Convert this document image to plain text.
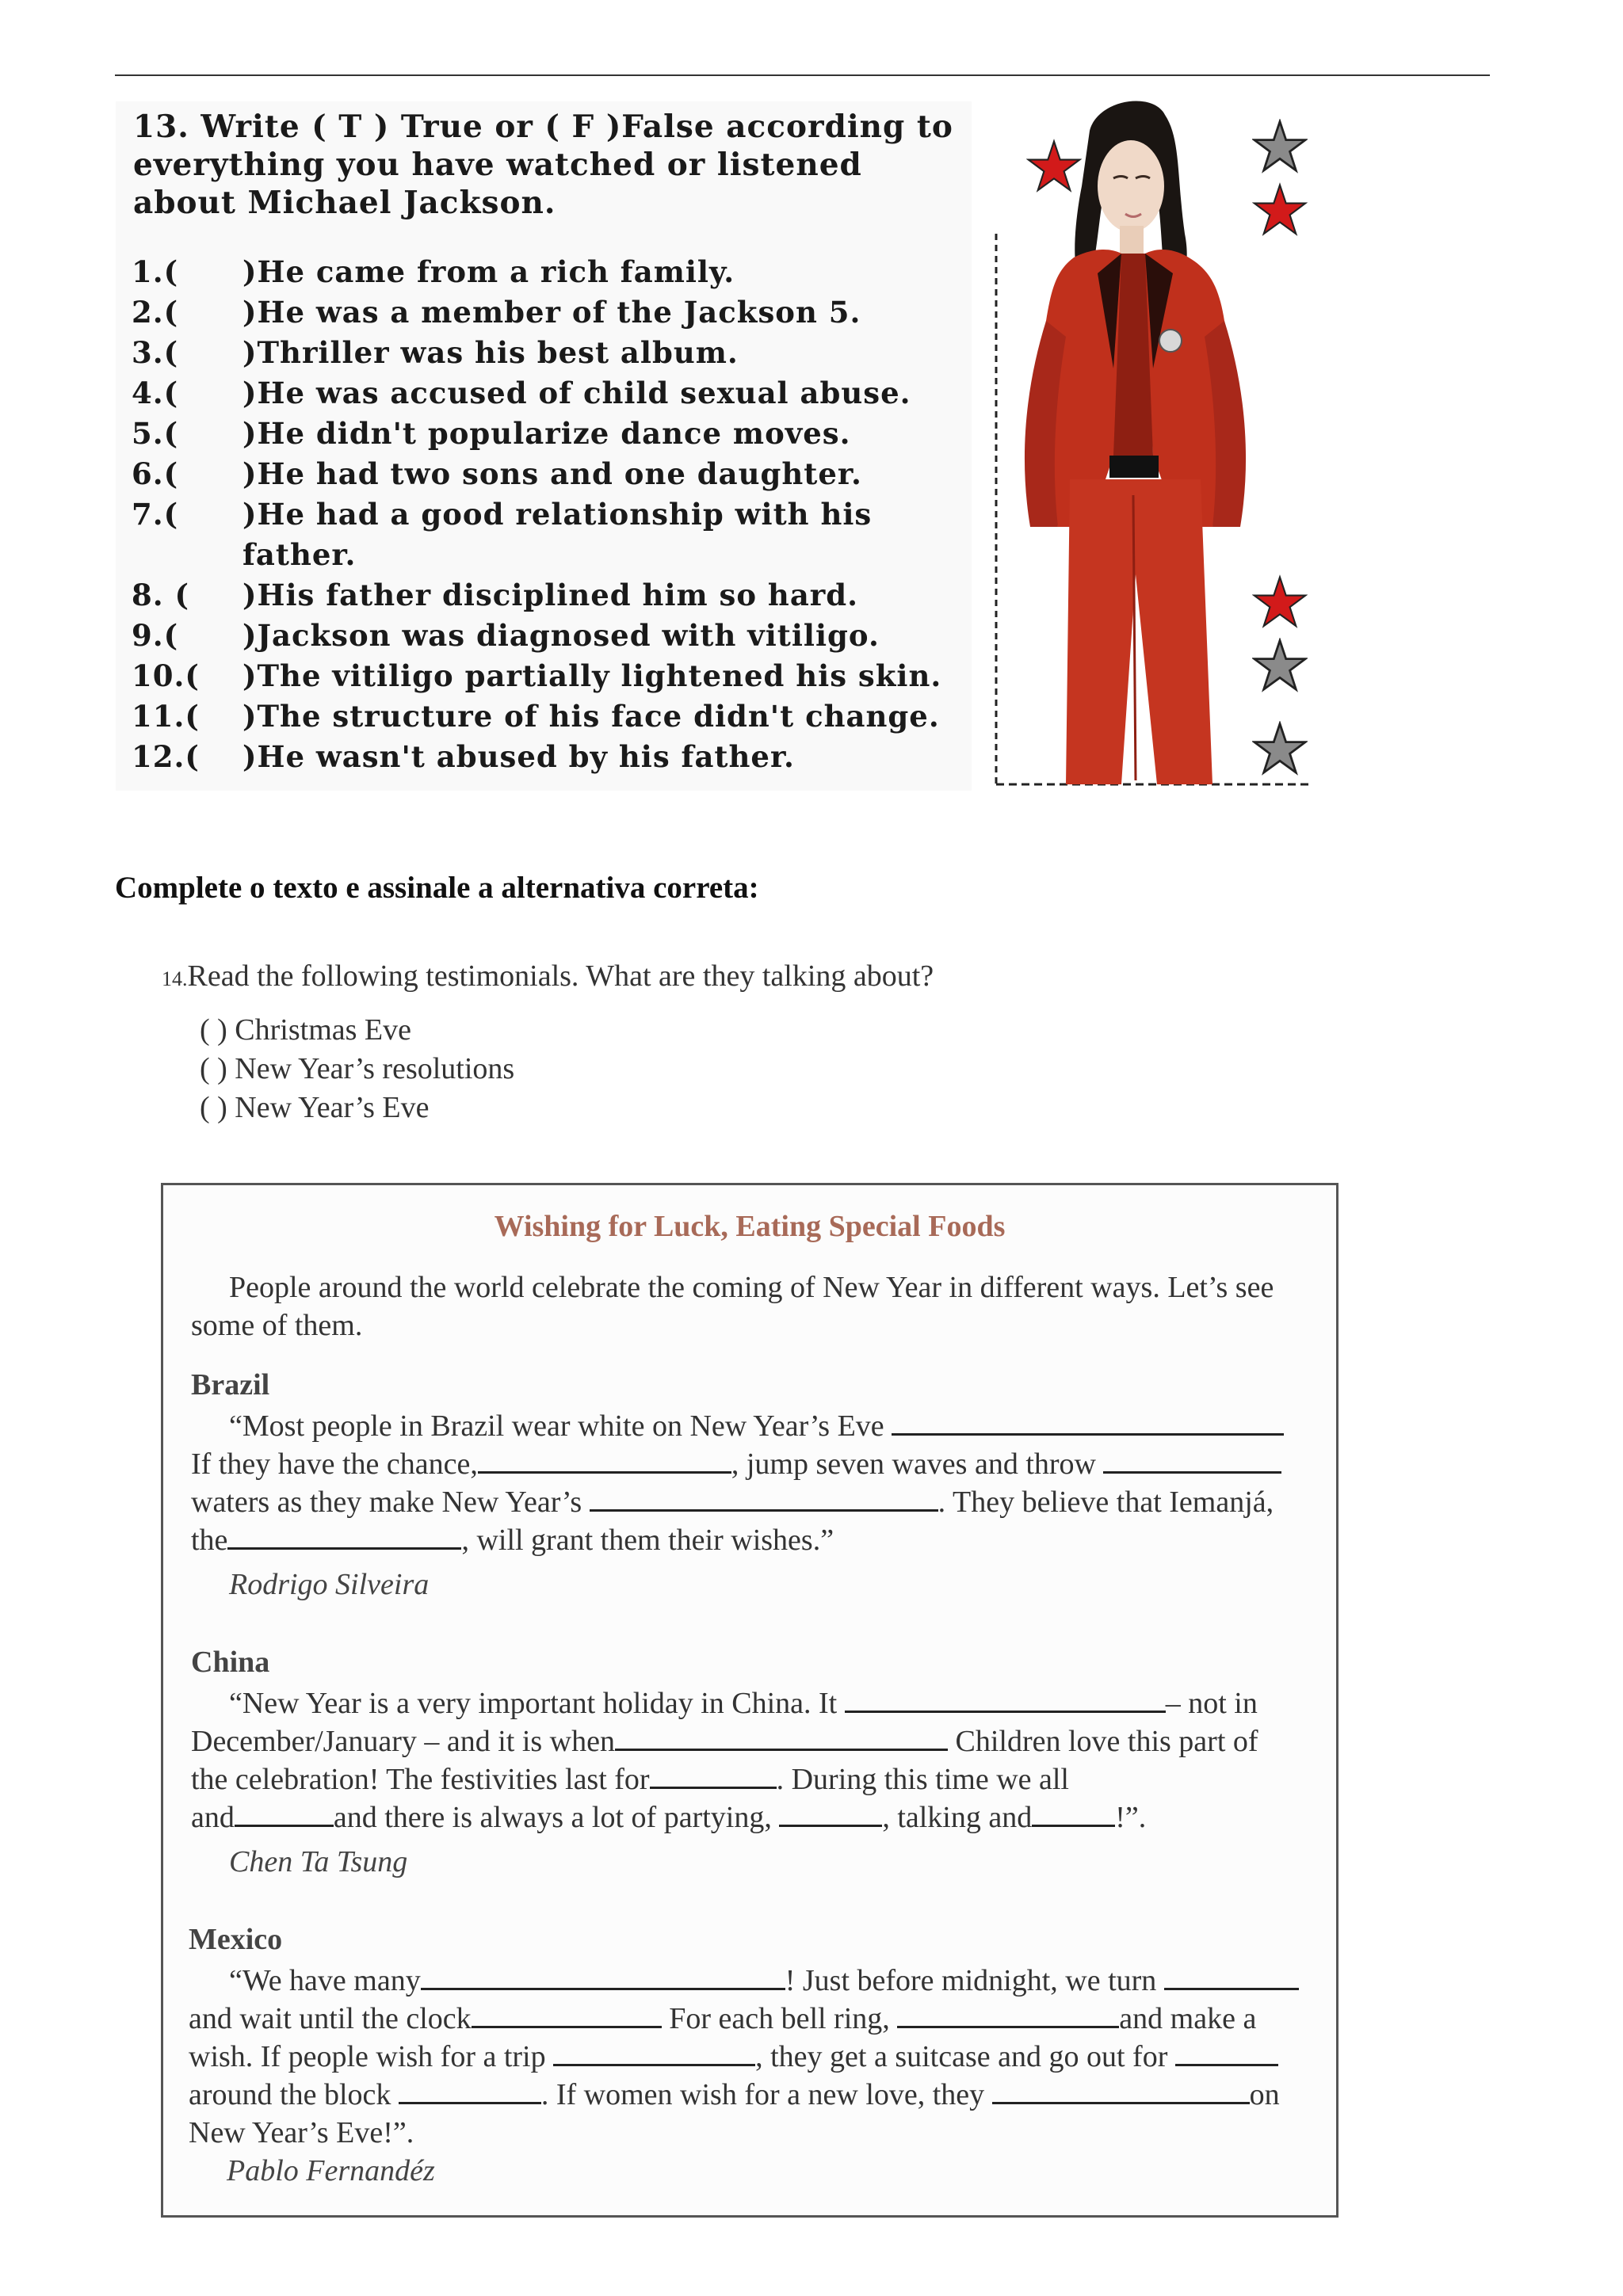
13. Write ( T ) True or ( F )False according to
everything you have watched or listened
about Michael Jackson.
1.(	)He came from a rich family.
2.(	)He was a member of the Jackson 5.
3.(	)Thriller was his best album.
4.(	)He was accused of child sexual abuse.
5.(	)He didn't popularize dance moves.
6.(	)He had two sons and one daughter.
7.(	)He had a good relationship with his
father.
8. (	)His father disciplined him so hard.
9.(	)Jackson was diagnosed with vitiligo.
10.(	)The vitiligo partially lightened his skin.
11.(	)The structure of his face didn't change.
12.(	)He wasn't abused by his father.
Complete o texto e assinale a alternativa correta:
14.Read the following testimonials. What are they talking about?
( ) Christmas Eve
( ) New Year’s resolutions
( ) New Year’s Eve
Wishing for Luck, Eating Special Foods
People around the world celebrate the coming of New Year in different ways. Let’s see
some of them.
Brazil
“Most people in Brazil wear white on New Year’s Eve
If they have the chance,	, jump seven waves and throw
waters as they make New Year’s	. They believe that Iemanjá,
the	, will grant them their wishes.”
Rodrigo Silveira
China
“New Year is a very important holiday in China. It	– not in
December/January – and it is when	Children love this part of
the celebration! The festivities last for	. During this time we all
and	and there is always a lot of partying,	, talking and	!”.
Chen Ta Tsung
Mexico
“We have many	! Just before midnight, we turn
and wait until the clock	For each bell ring,	and make a
wish. If people wish for a trip	, they get a suitcase and go out for
around the block	. If women wish for a new love, they	on
New Year’s Eve!”.
Pablo Fernandéz
